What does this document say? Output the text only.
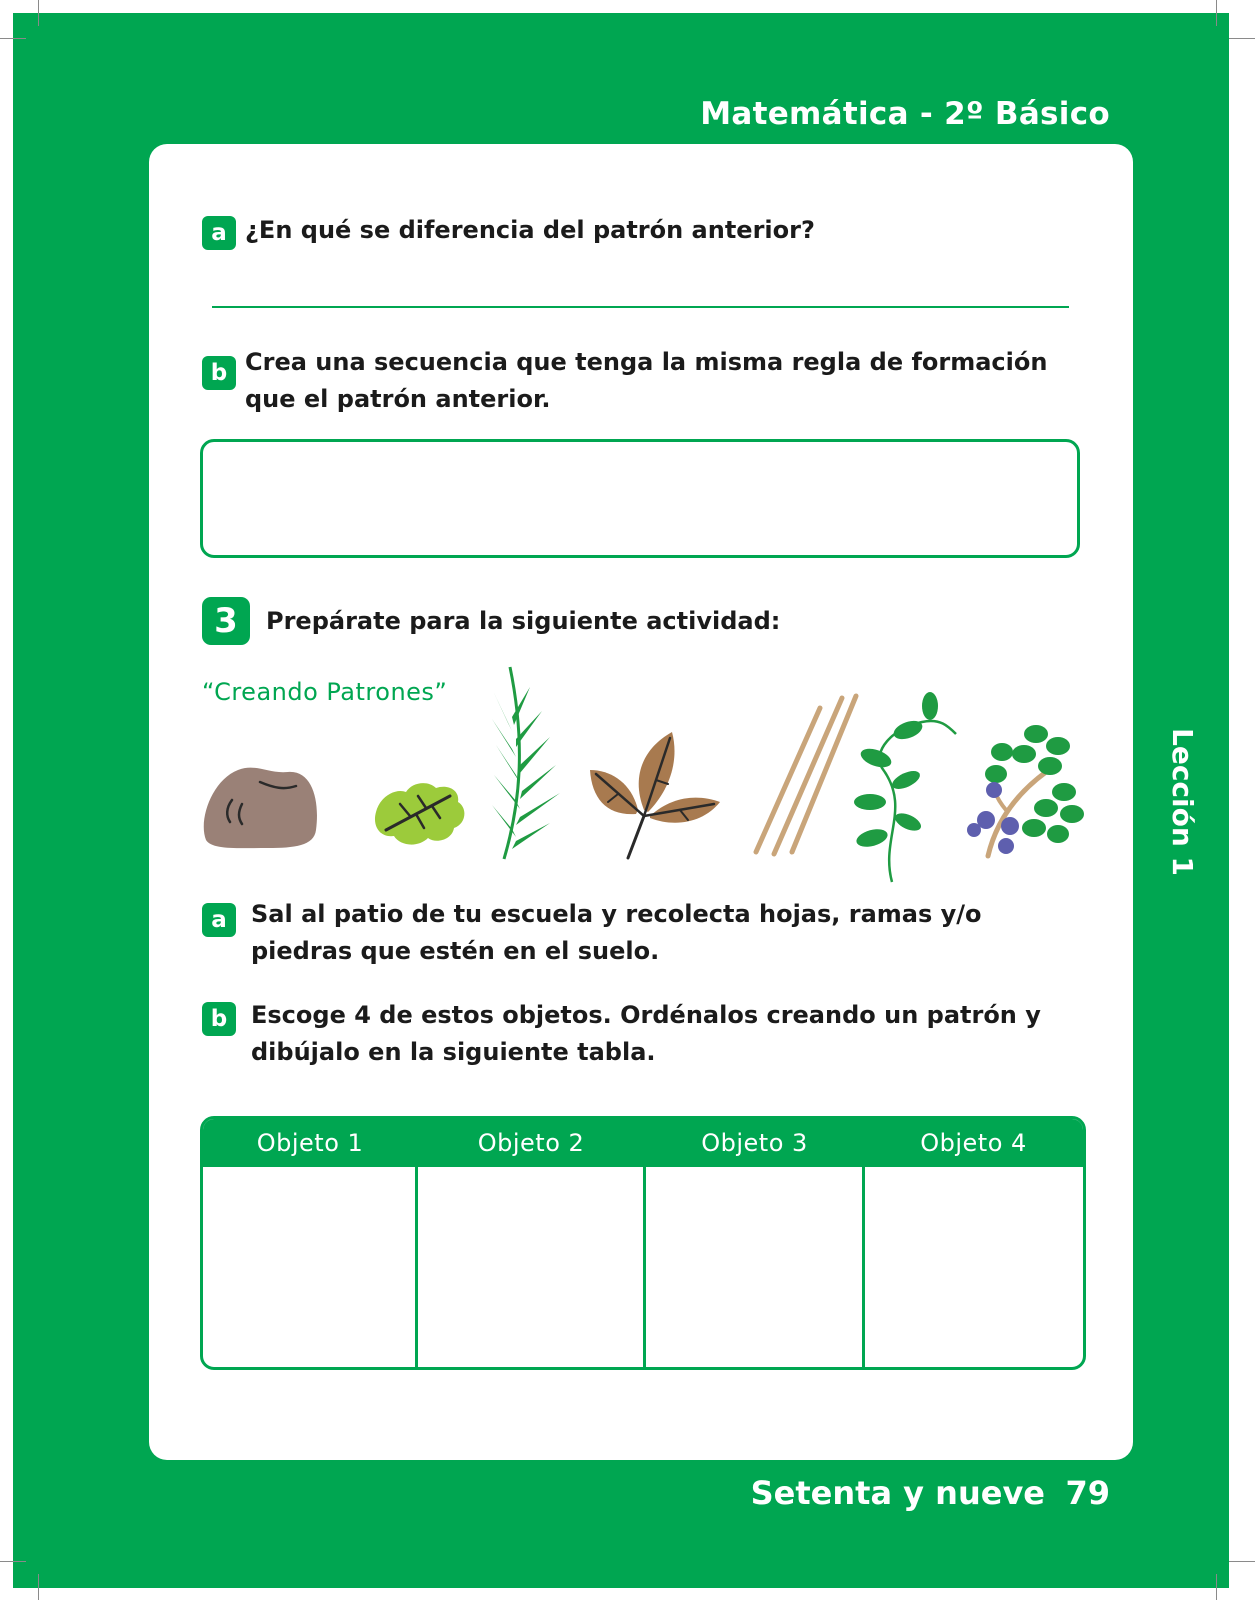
Matemática - 2º Básico
a ¿En qué se diferencia del patrón anterior?
b Crea una secuencia que tenga la misma regla de formación
que el patrón anterior.
3	Prepárate para la siguiente actividad:
“Creando Patrones”
a	Sal al patio de tu escuela y recolecta hojas, ramas y/o
piedras que estén en el suelo.
b Escoge 4 de estos objetos. Ordénalos creando un patrón y
dibújalo en la siguiente tabla.
Objeto 1	Objeto 2	Objeto 3	Objeto 4
Lección 1
Setenta y nueve 79
